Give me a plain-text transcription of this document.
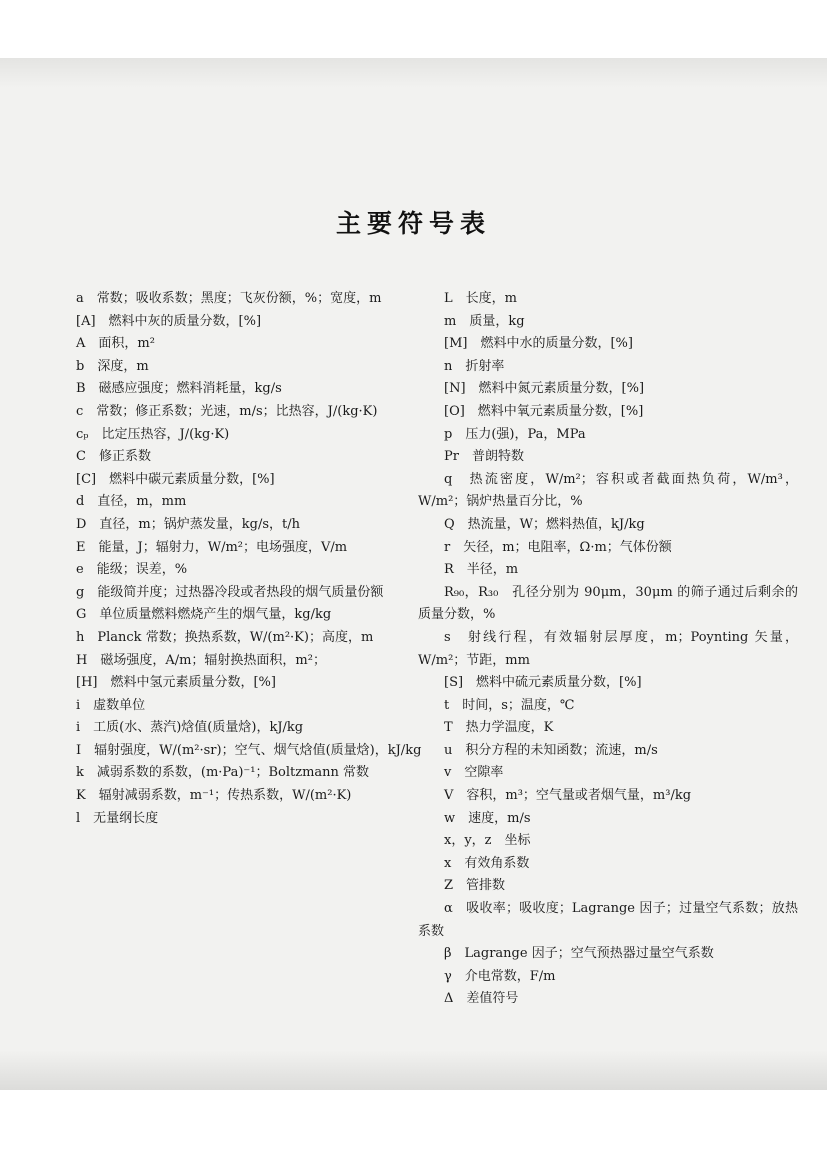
主要符号表

a　常数；吸收系数；黑度；飞灰份额，%；宽度，m

[A]　燃料中灰的质量分数，[%]

A　面积，m²

b　深度，m

B　磁感应强度；燃料消耗量，kg/s

c　常数；修正系数；光速，m/s；比热容，J/(kg·K)

cₚ　比定压热容，J/(kg·K)

C　修正系数

[C]　燃料中碳元素质量分数，[%]

d　直径，m，mm

D　直径，m；锅炉蒸发量，kg/s，t/h

E　能量，J；辐射力，W/m²；电场强度，V/m

e　能级；误差，%

g　能级简并度；过热器冷段或者热段的烟气质量份额

G　单位质量燃料燃烧产生的烟气量，kg/kg

h　Planck 常数；换热系数，W/(m²·K)；高度，m

H　磁场强度，A/m；辐射换热面积，m²；

[H]　燃料中氢元素质量分数，[%]

i　虚数单位

i　工质(水、蒸汽)焓值(质量焓)，kJ/kg

I　辐射强度，W/(m²·sr)；空气、烟气焓值(质量焓)，kJ/kg

k　减弱系数的系数，(m·Pa)⁻¹；Boltzmann 常数

K　辐射减弱系数，m⁻¹；传热系数，W/(m²·K)

l　无量纲长度

L　长度，m

m　质量，kg

[M]　燃料中水的质量分数，[%]

n　折射率

[N]　燃料中氮元素质量分数，[%]

[O]　燃料中氧元素质量分数，[%]

p　压力(强)，Pa，MPa

Pr　普朗特数

q　热流密度，W/m²；容积或者截面热负荷，W/m³，W/m²；锅炉热量百分比，%

Q　热流量，W；燃料热值，kJ/kg

r　矢径，m；电阻率，Ω·m；气体份额

R　半径，m

R₉₀，R₃₀　孔径分别为 90μm，30μm 的筛子通过后剩余的质量分数，%

s　射线行程，有效辐射层厚度，m；Poynting 矢量，W/m²；节距，mm

[S]　燃料中硫元素质量分数，[%]

t　时间，s；温度，℃

T　热力学温度，K

u　积分方程的未知函数；流速，m/s

v　空隙率

V　容积，m³；空气量或者烟气量，m³/kg

w　速度，m/s

x，y，z　坐标

x　有效角系数

Z　管排数

α　吸收率；吸收度；Lagrange 因子；过量空气系数；放热系数

β　Lagrange 因子；空气预热器过量空气系数

γ　介电常数，F/m

Δ　差值符号
